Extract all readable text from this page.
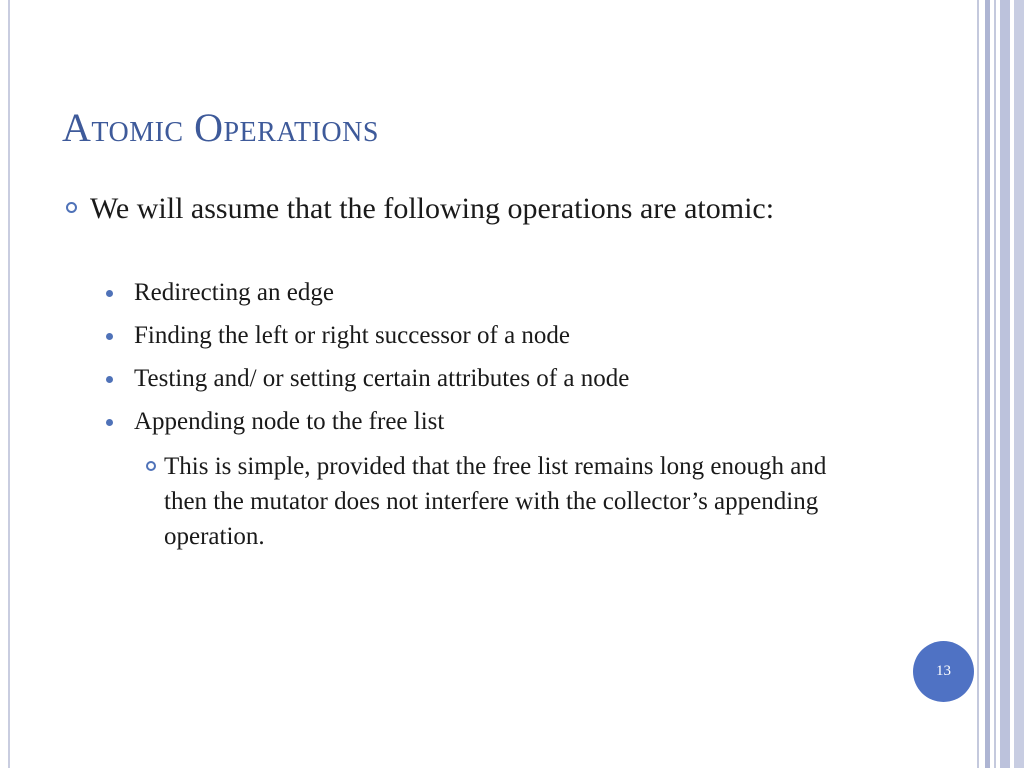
Atomic Operations
We will assume that the following operations are atomic:
Redirecting an edge
Finding the left or right successor of a node
Testing and/ or setting certain attributes of a node
Appending node to the free list
This is simple, provided that the free list remains long enough and then the mutator does not interfere with the collector’s appending operation.
13
